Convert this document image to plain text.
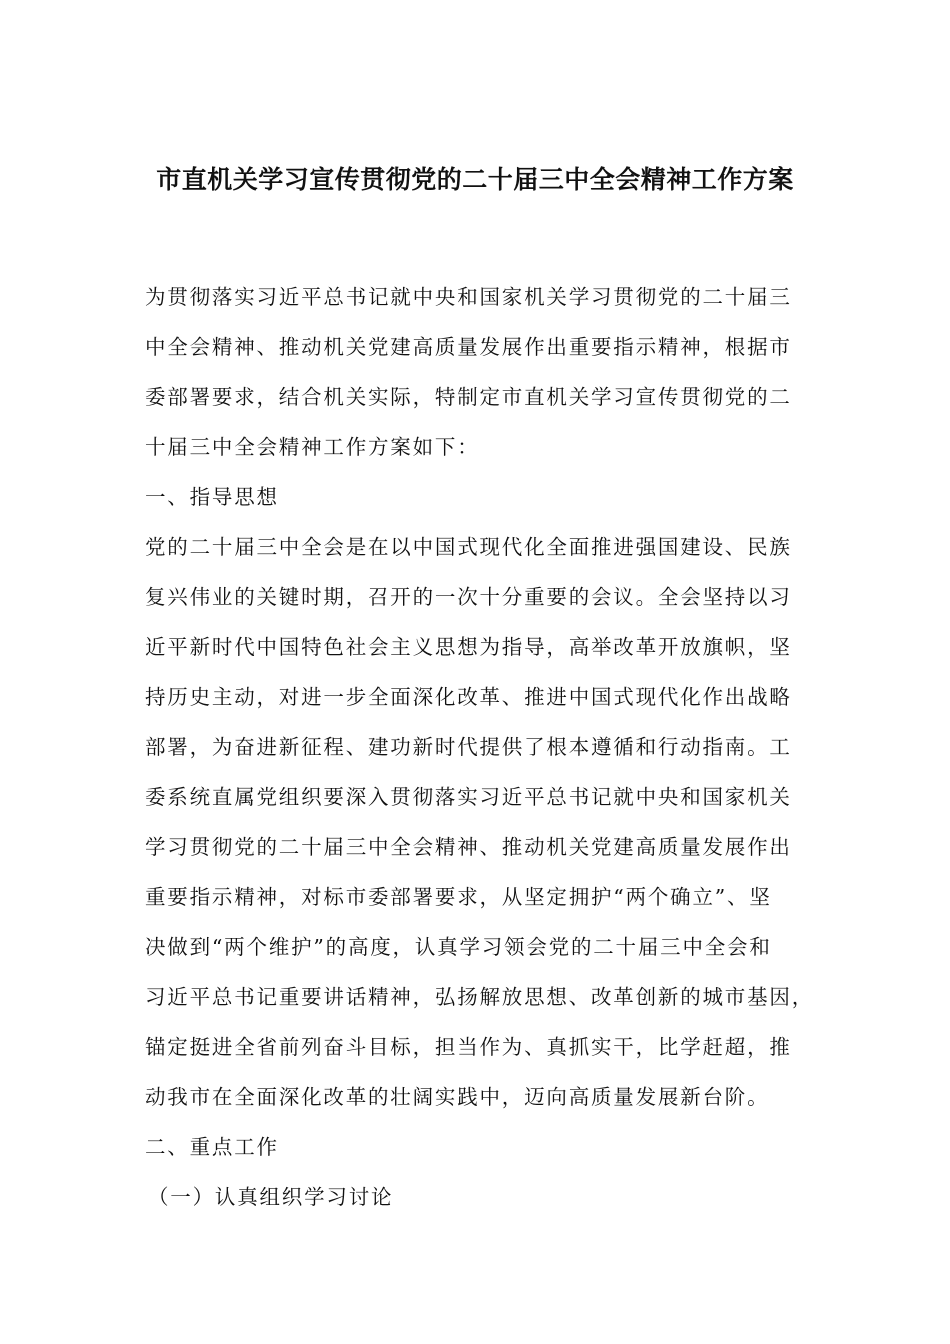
市直机关学习宣传贯彻党的二十届三中全会精神工作方案
为贯彻落实习近平总书记就中央和国家机关学习贯彻党的二十届三
中全会精神、推动机关党建高质量发展作出重要指示精神，根据市
委部署要求，结合机关实际，特制定市直机关学习宣传贯彻党的二
十届三中全会精神工作方案如下：
一、指导思想
党的二十届三中全会是在以中国式现代化全面推进强国建设、民族
复兴伟业的关键时期，召开的一次十分重要的会议。全会坚持以习
近平新时代中国特色社会主义思想为指导，高举改革开放旗帜，坚
持历史主动，对进一步全面深化改革、推进中国式现代化作出战略
部署，为奋进新征程、建功新时代提供了根本遵循和行动指南。工
委系统直属党组织要深入贯彻落实习近平总书记就中央和国家机关
学习贯彻党的二十届三中全会精神、推动机关党建高质量发展作出
重要指示精神，对标市委部署要求，从坚定拥护“两个确立”、坚
决做到“两个维护”的高度，认真学习领会党的二十届三中全会和
习近平总书记重要讲话精神，弘扬解放思想、改革创新的城市基因，
锚定挺进全省前列奋斗目标，担当作为、真抓实干，比学赶超，推
动我市在全面深化改革的壮阔实践中，迈向高质量发展新台阶。
二、重点工作
（一）认真组织学习讨论
